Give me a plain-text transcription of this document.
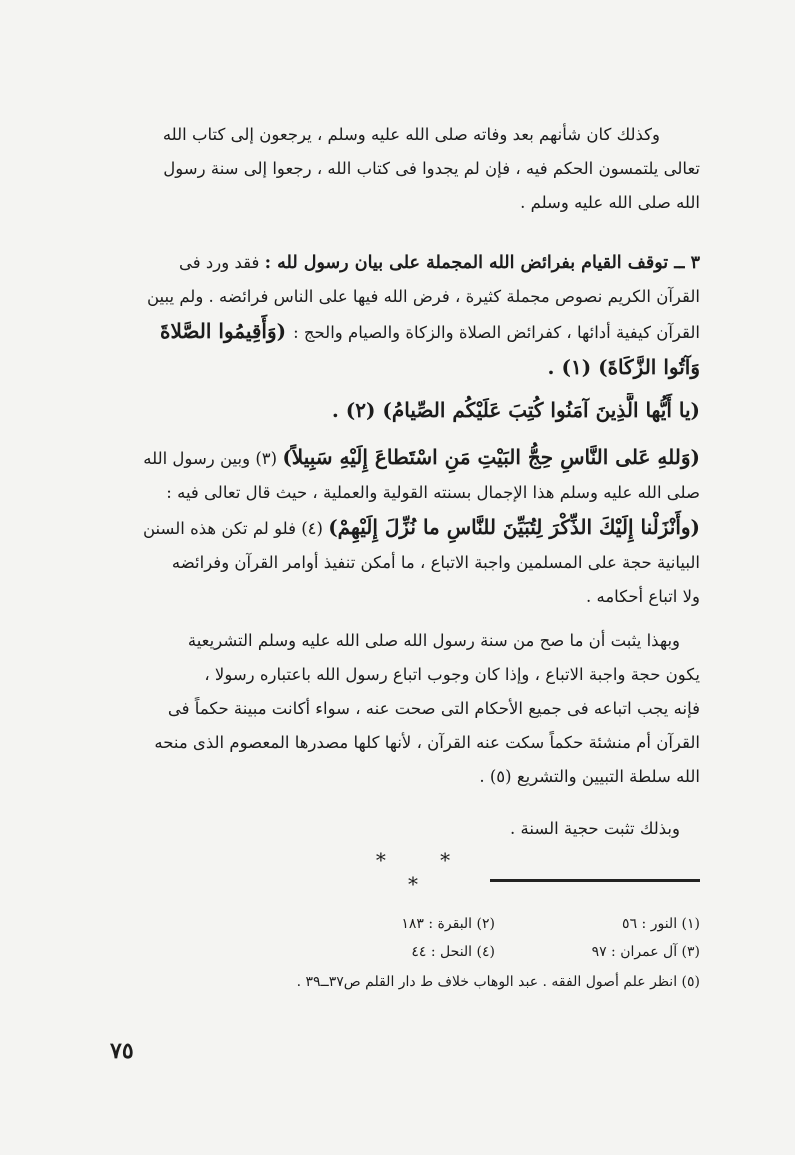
وكذلك كان شأنهم بعد وفاته صلى الله عليه وسلم ، يرجعون إلى كتاب الله
تعالى يلتمسون الحكم فيه ، فإن لم يجدوا فى كتاب الله ، رجعوا إلى سنة رسول
الله صلى الله عليه وسلم .
٣ ــ توقف القيام بفرائض الله المجملة على بيان رسول لله : فقد ورد فى
القرآن الكريم نصوص مجملة كثيرة ، فرض الله فيها على الناس فرائضه . ولم يبين
القرآن كيفية أدائها ، كفرائض الصلاة والزكاة والصيام والحج : (وَأَقِيمُوا الصَّلاةَ
وَآتُوا الزَّكَاةَ) (١) .
(يا أَيُّها الَّذِينَ آمَنُوا كُتِبَ عَلَيْكُم الصِّيامُ) (٢) .
(وَللهِ عَلى النَّاسِ حِجُّ البَيْتِ مَنِ اسْتَطاعَ إِلَيْهِ سَبِيلاً) (٣) وبين رسول الله
صلى الله عليه وسلم هذا الإجمال بسنته القولية والعملية ، حيث قال تعالى فيه :
(وأَنْزَلْنا إِلَيْكَ الذِّكْرَ لِتُبَيِّنَ للنَّاسِ ما نُزِّلَ إِلَيْهِمْ) (٤) فلو لم تكن هذه السنن
البيانية حجة على المسلمين واجبة الاتباع ، ما أمكن تنفيذ أوامر القرآن وفرائضه
ولا اتباع أحكامه .
وبهذا يثبت أن ما صح من سنة رسول الله صلى الله عليه وسلم التشريعية
يكون حجة واجبة الاتباع ، وإذا كان وجوب اتباع رسول الله باعتباره رسولا ،
فإنه يجب اتباعه فى جميع الأحكام التى صحت عنه ، سواء أكانت مبينة حكماً فى
القرآن أم منشئة حكماً سكت عنه القرآن ، لأنها كلها مصدرها المعصوم الذى منحه
الله سلطة التبيين والتشريع (٥) .
وبذلك تثبت حجية السنة .
* * *
(١) النور : ٥٦
(٢) البقرة : ١٨٣
(٣) آل عمران : ٩٧
(٤) النحل : ٤٤
(٥) انظر علم أصول الفقه . عبد الوهاب خلاف ط دار القلم ص٣٧ــ٣٩ .
٧٥
